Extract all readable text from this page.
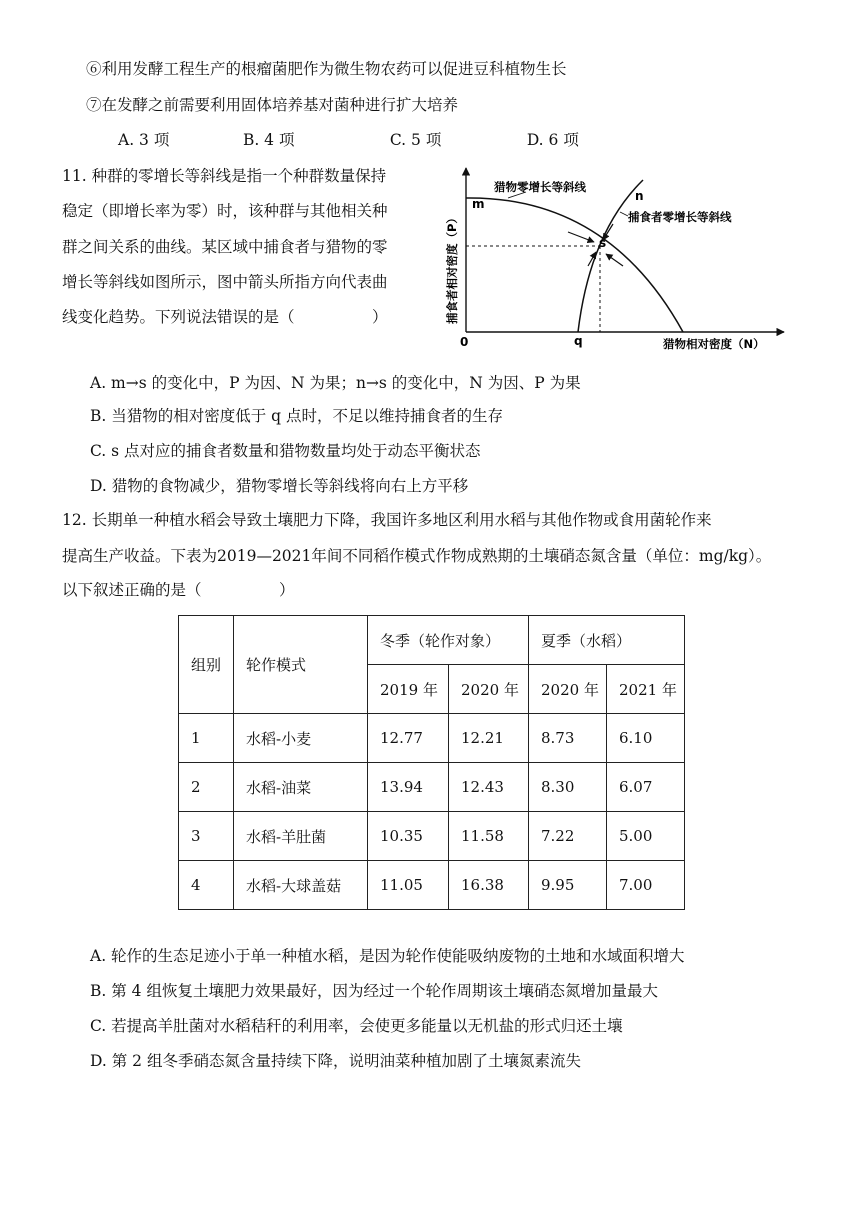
⑥利用发酵工程生产的根瘤菌肥作为微生物农药可以促进豆科植物生长
⑦在发酵之前需要利用固体培养基对菌种进行扩大培养
A. 3 项	B. 4 项	C. 5 项	D. 6 项
11. 种群的零增长等斜线是指一个种群数量保持
稳定（即增长率为零）时，该种群与其他相关种
群之间关系的曲线。某区域中捕食者与猎物的零
增长等斜线如图所示，图中箭头所指方向代表曲
线变化趋势。下列说法错误的是（　　　　　）
猎物零增长等斜线
捕食者零增长等斜线
m
n
s
q
0	猎物相对密度（N）
捕食者相对密度（P）
A. m→s 的变化中，P 为因、N 为果；n→s 的变化中，N 为因、P 为果
B. 当猎物的相对密度低于 q 点时，不足以维持捕食者的生存
C. s 点对应的捕食者数量和猎物数量均处于动态平衡状态
D. 猎物的食物减少，猎物零增长等斜线将向右上方平移
12. 长期单一种植水稻会导致土壤肥力下降，我国许多地区利用水稻与其他作物或食用菌轮作来
提高生产收益。下表为2019—2021年间不同稻作模式作物成熟期的土壤硝态氮含量（单位：mg/kg）。
以下叙述正确的是（　　　　　）
组别	轮作模式	冬季（轮作对象）		夏季（水稻）	
		2019 年	2020 年	2020 年	2021 年
1	水稻-小麦	12.77	12.21	8.73	6.10
2	水稻-油菜	13.94	12.43	8.30	6.07
3	水稻-羊肚菌	10.35	11.58	7.22	5.00
4	水稻-大球盖菇	11.05	16.38	9.95	7.00
A. 轮作的生态足迹小于单一种植水稻，是因为轮作使能吸纳废物的土地和水域面积增大
B. 第 4 组恢复土壤肥力效果最好，因为经过一个轮作周期该土壤硝态氮增加量最大
C. 若提高羊肚菌对水稻秸秆的利用率，会使更多能量以无机盐的形式归还土壤
D. 第 2 组冬季硝态氮含量持续下降，说明油菜种植加剧了土壤氮素流失
